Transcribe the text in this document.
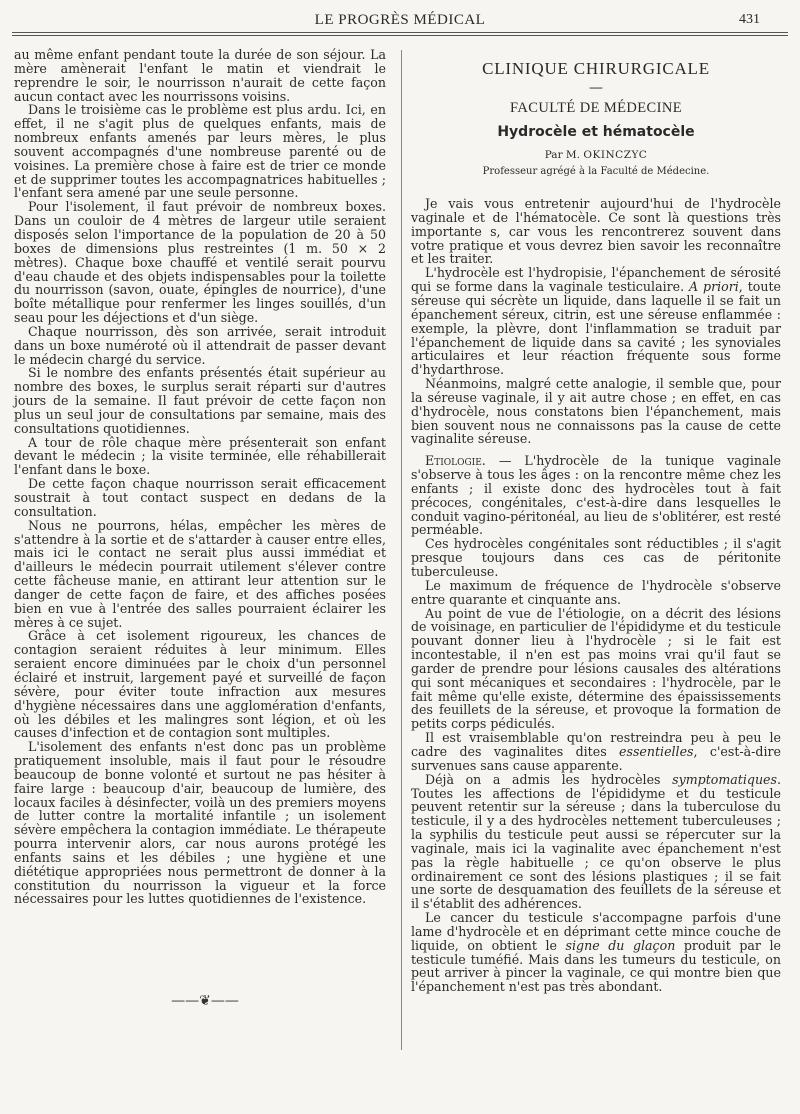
LE PROGRÈS MÉDICAL	431

au même enfant pendant toute la durée de son séjour. La mère amènerait l'enfant le matin et viendrait le reprendre le soir, le nourrisson n'aurait de cette façon aucun contact avec les nourrissons voisins.

Dans le troisième cas le problème est plus ardu. Ici, en effet, il ne s'agit plus de quelques enfants, mais de nombreux enfants amenés par leurs mères, le plus souvent accompagnés d'une nombreuse parenté ou de voisines. La première chose à faire est de trier ce monde et de supprimer toutes les accompagnatrices habituelles ; l'enfant sera amené par une seule personne.

Pour l'isolement, il faut prévoir de nombreux boxes. Dans un couloir de 4 mètres de largeur utile seraient disposés selon l'importance de la population de 20 à 50 boxes de dimensions plus restreintes (1 m. 50 × 2 mètres). Chaque boxe chauffé et ventilé serait pourvu d'eau chaude et des objets indispensables pour la toilette du nourrisson (savon, ouate, épingles de nourrice), d'une boîte métallique pour renfermer les linges souillés, d'un seau pour les déjections et d'un siège.

Chaque nourrisson, dès son arrivée, serait introduit dans un boxe numéroté où il attendrait de passer devant le médecin chargé du service.

Si le nombre des enfants présentés était supérieur au nombre des boxes, le surplus serait réparti sur d'autres jours de la semaine. Il faut prévoir de cette façon non plus un seul jour de consultations par semaine, mais des consultations quotidiennes.

A tour de rôle chaque mère présenterait son enfant devant le médecin ; la visite terminée, elle réhabillerait l'enfant dans le boxe.

De cette façon chaque nourrisson serait efficacement soustrait à tout contact suspect en dedans de la consultation.

Nous ne pourrons, hélas, empêcher les mères de s'attendre à la sortie et de s'attarder à causer entre elles, mais ici le contact ne serait plus aussi immédiat et d'ailleurs le médecin pourrait utilement s'élever contre cette fâcheuse manie, en attirant leur attention sur le danger de cette façon de faire, et des affiches posées bien en vue à l'entrée des salles pourraient éclairer les mères à ce sujet.

Grâce à cet isolement rigoureux, les chances de contagion seraient réduites à leur minimum. Elles seraient encore diminuées par le choix d'un personnel éclairé et instruit, largement payé et surveillé de façon sévère, pour éviter toute infraction aux mesures d'hygiène nécessaires dans une agglomération d'enfants, où les débiles et les malingres sont légion, et où les causes d'infection et de contagion sont multiples.

L'isolement des enfants n'est donc pas un problème pratiquement insoluble, mais il faut pour le résoudre beaucoup de bonne volonté et surtout ne pas hésiter à faire large : beaucoup d'air, beaucoup de lumière, des locaux faciles à désinfecter, voilà un des premiers moyens de lutter contre la mortalité infantile ; un isolement sévère empêchera la contagion immédiate. Le thérapeute pourra intervenir alors, car nous aurons protégé les enfants sains et les débiles ; une hygiène et une diététique appropriées nous permettront de donner à la constitution du nourrisson la vigueur et la force nécessaires pour les luttes quotidiennes de l'existence.

——❦——
CLINIQUE CHIRURGICALE
—
FACULTÉ DE MÉDECINE
Hydrocèle et hématocèle
Par M. OKINCZYC
Professeur agrégé à la Faculté de Médecine.

Je vais vous entretenir aujourd'hui de l'hydrocèle vaginale et de l'hématocèle. Ce sont là questions très importante s, car vous les rencontrerez souvent dans votre pratique et vous devrez bien savoir les reconnaître et les traiter.

L'hydrocèle est l'hydropisie, l'épanchement de sérosité qui se forme dans la vaginale testiculaire. A priori, toute séreuse qui sécrète un liquide, dans laquelle il se fait un épanchement séreux, citrin, est une séreuse enflammée : exemple, la plèvre, dont l'inflammation se traduit par l'épanchement de liquide dans sa cavité ; les synoviales articulaires et leur réaction fréquente sous forme d'hydarthrose.

Néanmoins, malgré cette analogie, il semble que, pour la séreuse vaginale, il y ait autre chose ; en effet, en cas d'hydrocèle, nous constatons bien l'épanchement, mais bien souvent nous ne connaissons pas la cause de cette vaginalite séreuse.

Etiologie. — L'hydrocèle de la tunique vaginale s'observe à tous les âges : on la rencontre même chez les enfants ; il existe donc des hydrocèles tout à fait précoces, congénitales, c'est-à-dire dans lesquelles le conduit vagino-péritonéal, au lieu de s'oblitérer, est resté perméable.

Ces hydrocèles congénitales sont réductibles ; il s'agit presque toujours dans ces cas de péritonite tuberculeuse.

Le maximum de fréquence de l'hydrocèle s'observe entre quarante et cinquante ans.

Au point de vue de l'étiologie, on a décrit des lésions de voisinage, en particulier de l'épididyme et du testicule pouvant donner lieu à l'hydrocèle ; si le fait est incontestable, il n'en est pas moins vrai qu'il faut se garder de prendre pour lésions causales des altérations qui sont mécaniques et secondaires : l'hydrocèle, par le fait même qu'elle existe, détermine des épaississements des feuillets de la séreuse, et provoque la formation de petits corps pédiculés.

Il est vraisemblable qu'on restreindra peu à peu le cadre des vaginalites dites essentielles, c'est-à-dire survenues sans cause apparente.

Déjà on a admis les hydrocèles symptomatiques. Toutes les affections de l'épididyme et du testicule peuvent retentir sur la séreuse ; dans la tuberculose du testicule, il y a des hydrocèles nettement tuberculeuses ; la syphilis du testicule peut aussi se répercuter sur la vaginale, mais ici la vaginalite avec épanchement n'est pas la règle habituelle ; ce qu'on observe le plus ordinairement ce sont des lésions plastiques ; il se fait une sorte de desquamation des feuillets de la séreuse et il s'établit des adhérences.

Le cancer du testicule s'accompagne parfois d'une lame d'hydrocèle et en déprimant cette mince couche de liquide, on obtient le signe du glaçon produit par le testicule tuméfié. Mais dans les tumeurs du testicule, on peut arriver à pincer la vaginale, ce qui montre bien que l'épanchement n'est pas très abondant.
